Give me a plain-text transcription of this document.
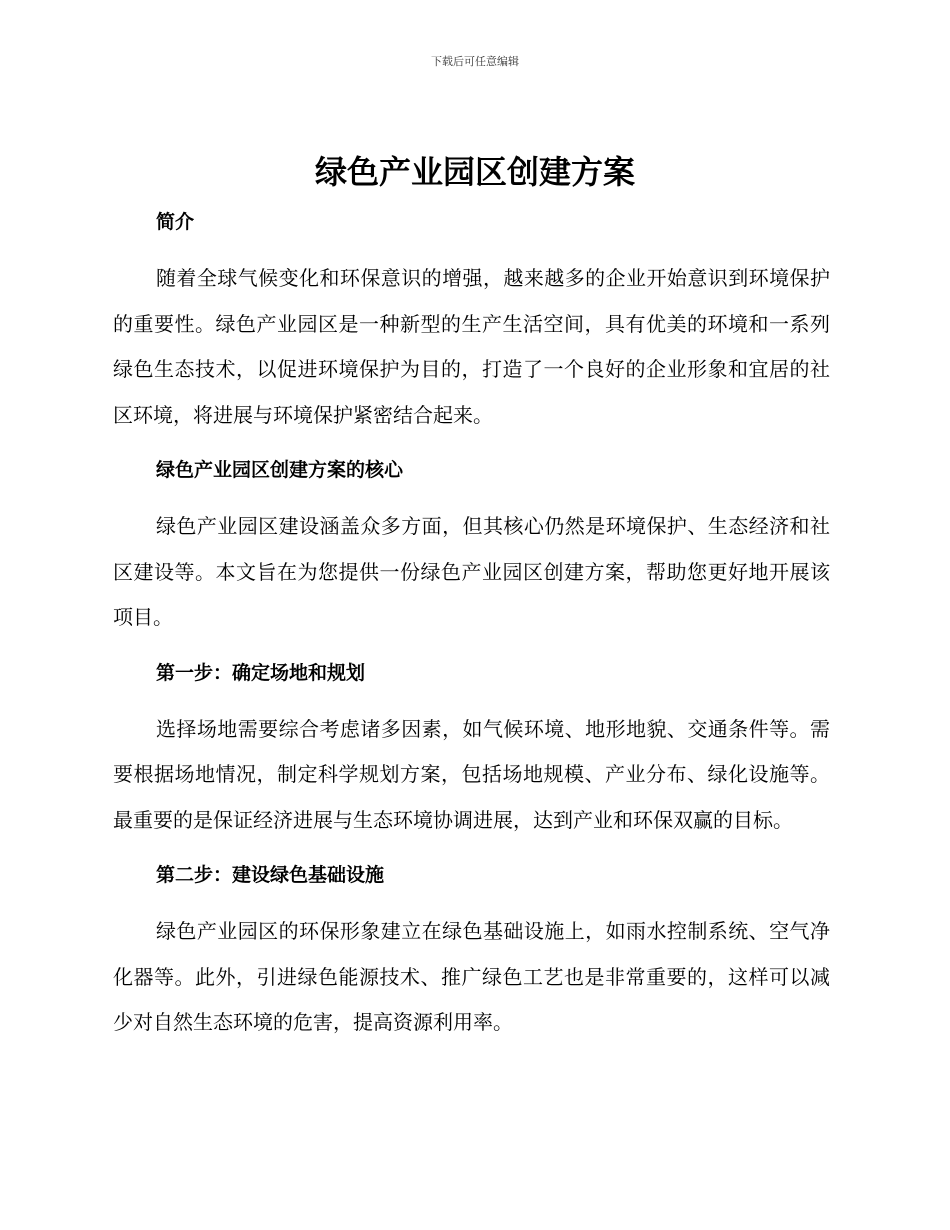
下载后可任意编辑
绿色产业园区创建方案
简介

随着全球气候变化和环保意识的增强，越来越多的企业开始意识到环境保护的重要性。绿色产业园区是一种新型的生产生活空间，具有优美的环境和一系列绿色生态技术，以促进环境保护为目的，打造了一个良好的企业形象和宜居的社区环境，将进展与环境保护紧密结合起来。

绿色产业园区创建方案的核心

绿色产业园区建设涵盖众多方面，但其核心仍然是环境保护、生态经济和社区建设等。本文旨在为您提供一份绿色产业园区创建方案，帮助您更好地开展该项目。

第一步：确定场地和规划

选择场地需要综合考虑诸多因素，如气候环境、地形地貌、交通条件等。需要根据场地情况，制定科学规划方案，包括场地规模、产业分布、绿化设施等。最重要的是保证经济进展与生态环境协调进展，达到产业和环保双赢的目标。

第二步：建设绿色基础设施

绿色产业园区的环保形象建立在绿色基础设施上，如雨水控制系统、空气净化器等。此外，引进绿色能源技术、推广绿色工艺也是非常重要的，这样可以减少对自然生态环境的危害，提高资源利用率。
